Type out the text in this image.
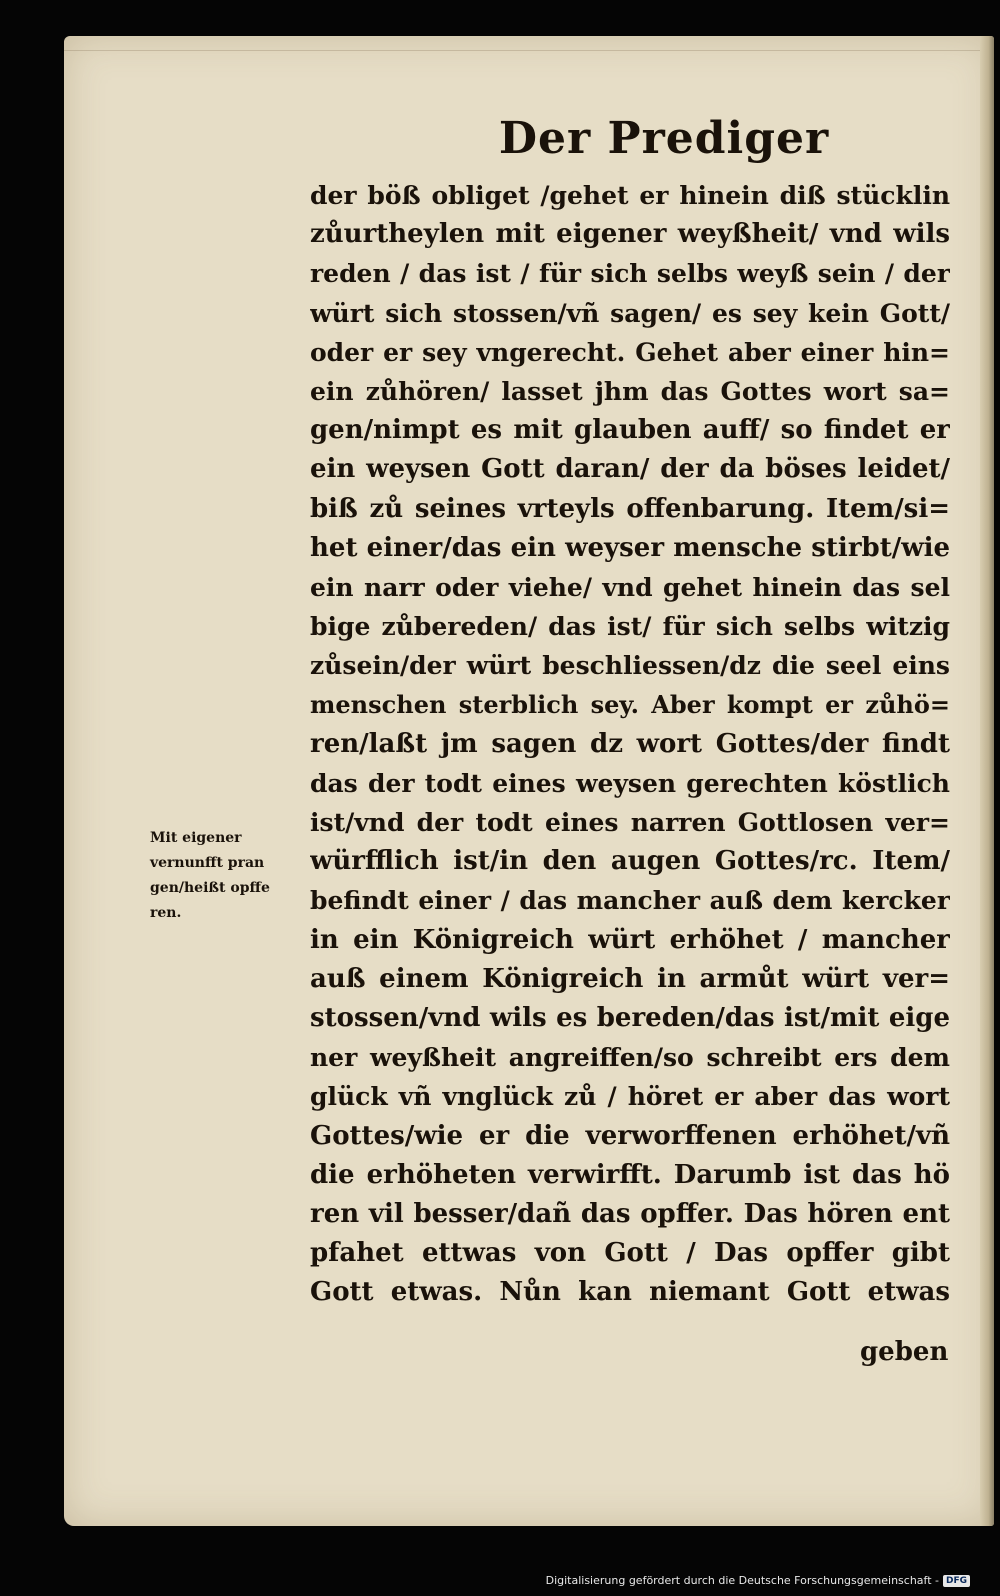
Der Prediger
der böß obliget /gehet er hinein diß stücklin
zůurtheylen mit eigener weyßheit/ vnd wils
reden / das ist / für sich selbs weyß sein / der
würt sich stossen/vñ sagen/ es sey kein Gott/
oder er sey vngerecht. Gehet aber einer hin=
ein zůhören/ lasset jhm das Gottes wort sa=
gen/nimpt es mit glauben auff/ so findet er
ein weysen Gott daran/ der da böses leidet/
biß zů seines vrteyls offenbarung. Item/si=
het einer/das ein weyser mensche stirbt/wie
ein narr oder viehe/ vnd gehet hinein das sel
bige zůbereden/ das ist/ für sich selbs witzig
zůsein/der würt beschliessen/dz die seel eins
menschen sterblich sey. Aber kompt er zůhö=
ren/laßt jm sagen dz wort Gottes/der findt
das der todt eines weysen gerechten köstlich
ist/vnd der todt eines narren Gottlosen ver=
würfflich ist/in den augen Gottes/rc. Item/
befindt einer / das mancher auß dem kercker
in ein Königreich würt erhöhet / mancher
auß einem Königreich in armůt würt ver=
stossen/vnd wils es bereden/das ist/mit eige
ner weyßheit angreiffen/so schreibt ers dem
glück vñ vnglück zů / höret er aber das wort
Gottes/wie er die verworffenen erhöhet/vñ
die erhöheten verwirfft. Darumb ist das hö
ren vil besser/dañ das opffer. Das hören ent
pfahet ettwas von Gott / Das opffer gibt
Gott etwas. Nůn kan niemant Gott etwas
geben
Mit eigener
vernunfft pran
gen/heißt opffe
ren.
Digitalisierung gefördert durch die Deutsche Forschungsgemeinschaft - DFG
